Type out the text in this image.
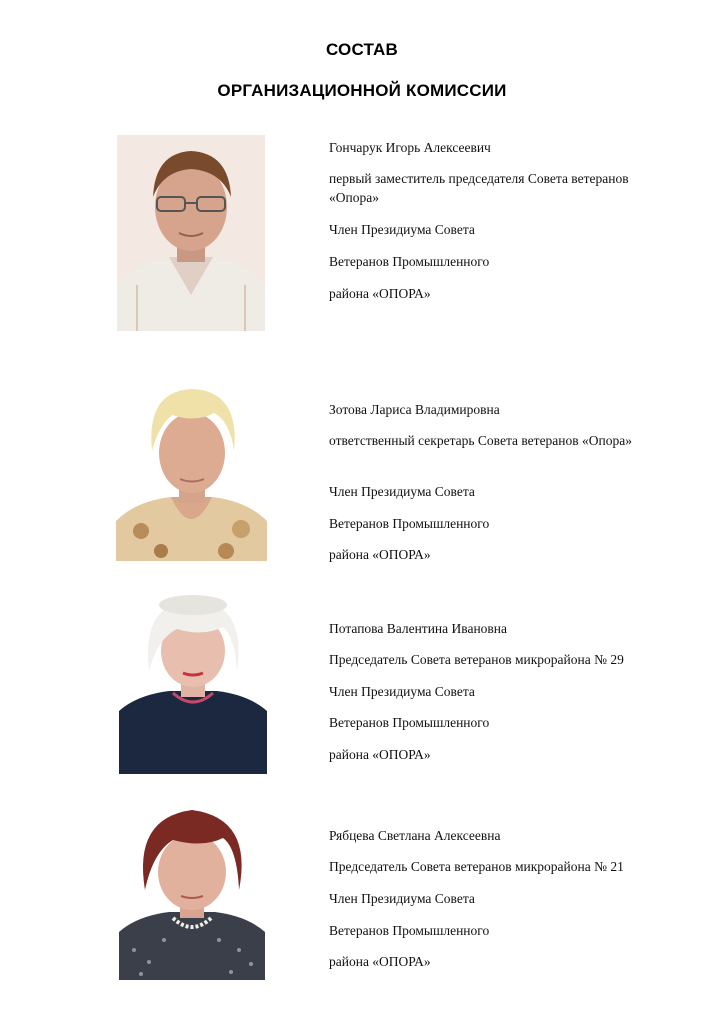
СОСТАВ
ОРГАНИЗАЦИОННОЙ КОМИССИИ
Гончарук Игорь Алексеевич
первый заместитель председателя Совета ветеранов «Опора»
Член Президиума Совета
Ветеранов Промышленного
района «ОПОРА»
Зотова Лариса Владимировна
ответственный секретарь Совета ветеранов «Опора»
Член Президиума Совета
Ветеранов Промышленного
района «ОПОРА»
Потапова Валентина Ивановна
Председатель Совета ветеранов микрорайона № 29
Член Президиума Совета
Ветеранов Промышленного
района «ОПОРА»
Рябцева Светлана Алексеевна
Председатель Совета ветеранов микрорайона № 21
Член Президиума Совета
Ветеранов Промышленного
района «ОПОРА»
